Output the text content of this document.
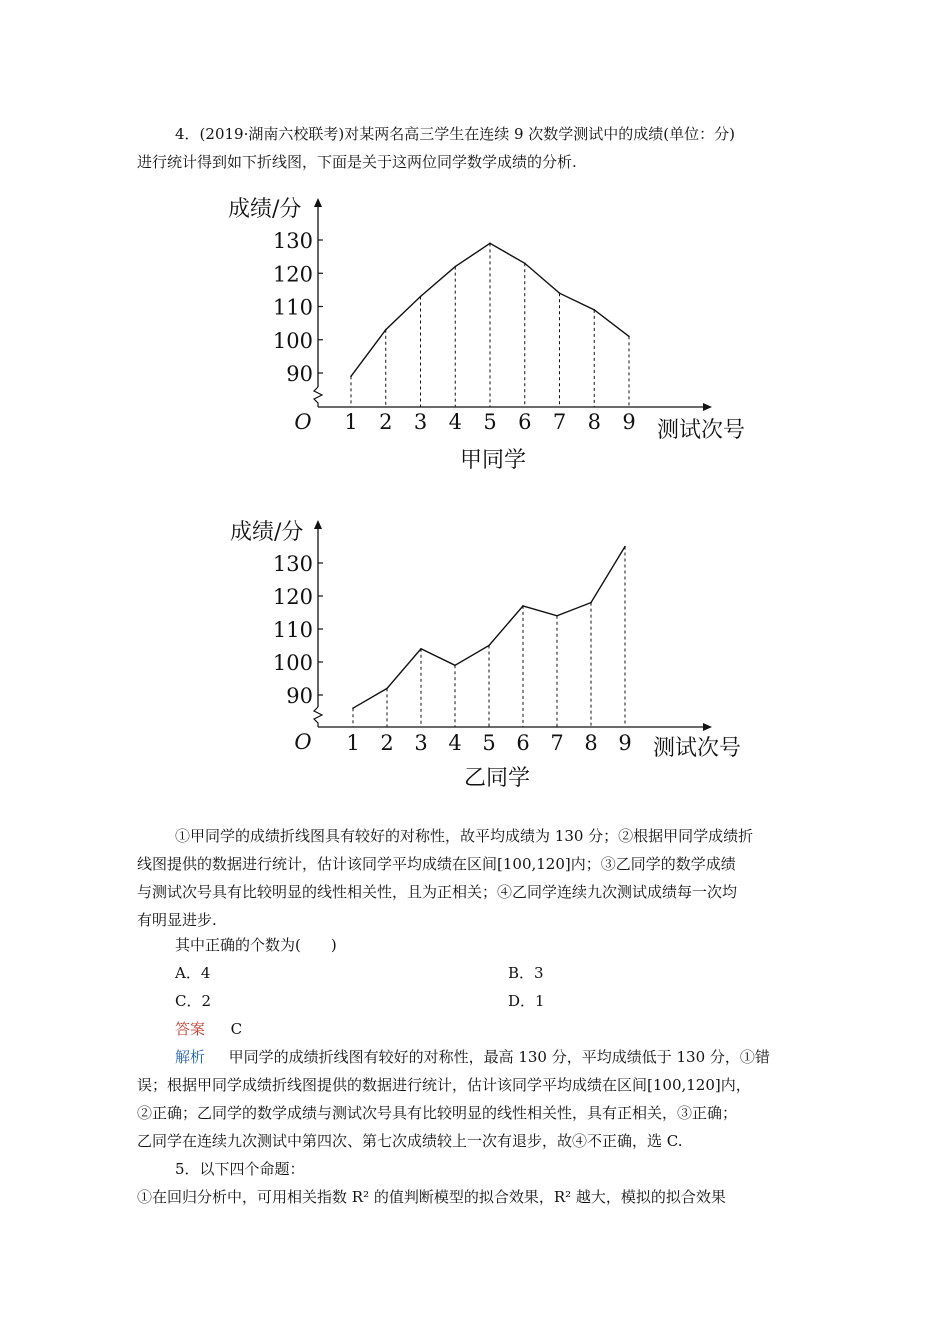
4．(2019·湖南六校联考)对某两名高三学生在连续 9 次数学测试中的成绩(单位：分)
进行统计得到如下折线图，下面是关于这两位同学数学成绩的分析.
90
100
110
120
130
1 2 3 4 5 6 7 8 9
O
成绩/分
测试次号
甲同学
90
100
110
120
130
1 2 3 4 5 6 7 8 9
O
成绩/分
测试次号
乙同学
①甲同学的成绩折线图具有较好的对称性，故平均成绩为 130 分；②根据甲同学成绩折
线图提供的数据进行统计，估计该同学平均成绩在区间[100,120]内；③乙同学的数学成绩
与测试次号具有比较明显的线性相关性，且为正相关；④乙同学连续九次测试成绩每一次均
有明显进步.
其中正确的个数为(　　)
A．4	B．3
C．2	D．1
答案 C
解析 甲同学的成绩折线图有较好的对称性，最高 130 分，平均成绩低于 130 分，①错
误；根据甲同学成绩折线图提供的数据进行统计，估计该同学平均成绩在区间[100,120]内，
②正确；乙同学的数学成绩与测试次号具有比较明显的线性相关性，具有正相关，③正确；
乙同学在连续九次测试中第四次、第七次成绩较上一次有退步，故④不正确，选 C.
5．以下四个命题：
①在回归分析中，可用相关指数 R² 的值判断模型的拟合效果，R² 越大，模拟的拟合效果
